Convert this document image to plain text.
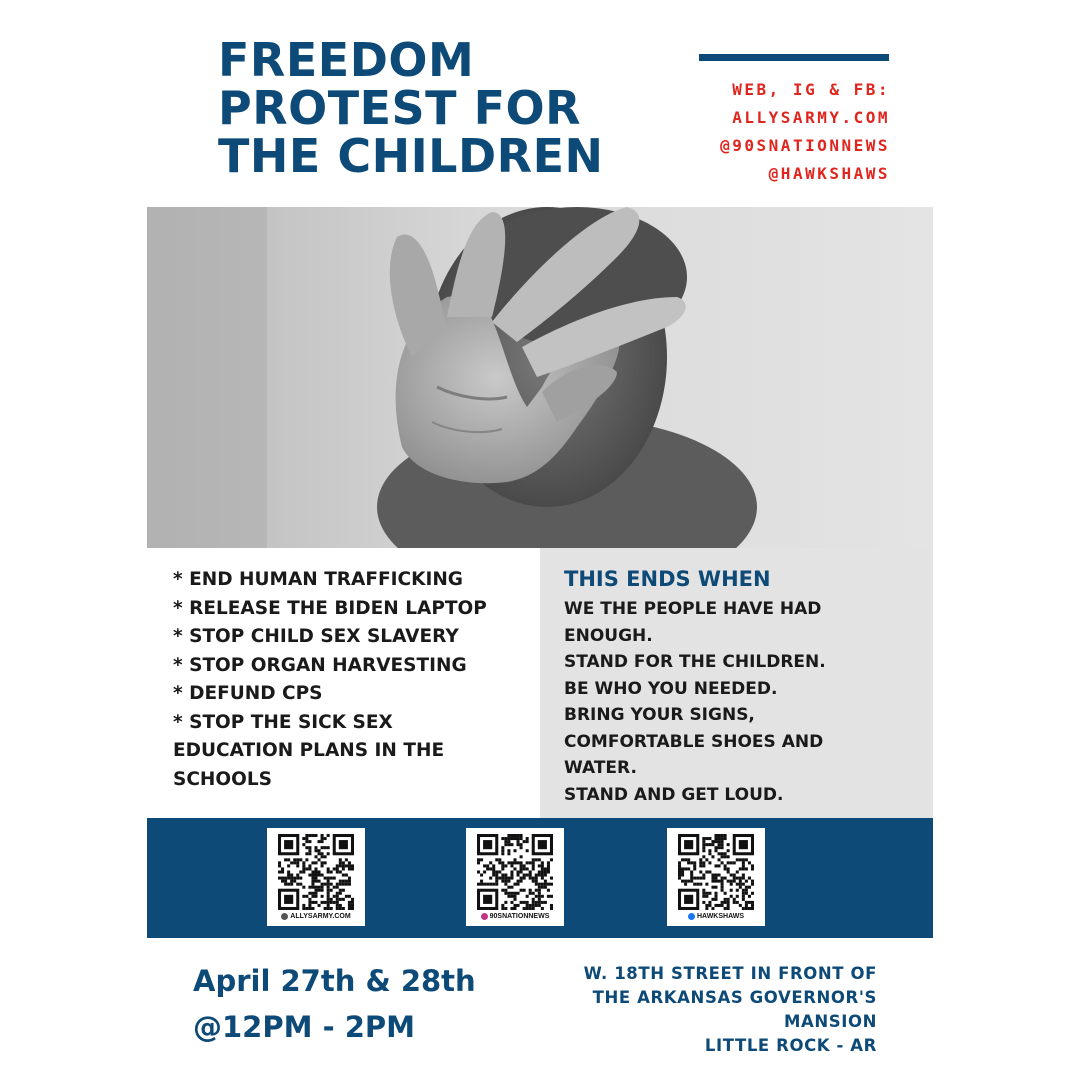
FREEDOM
PROTEST FOR
THE CHILDREN
WEB, IG & FB:
ALLYSARMY.COM
@90SNATIONNEWS
@HAWKSHAWS
* END HUMAN TRAFFICKING
* RELEASE THE BIDEN LAPTOP
* STOP CHILD SEX SLAVERY
* STOP ORGAN HARVESTING
* DEFUND CPS
* STOP THE SICK SEX
EDUCATION PLANS IN THE
SCHOOLS
THIS ENDS WHEN
WE THE PEOPLE HAVE HAD
ENOUGH.
STAND FOR THE CHILDREN.
BE WHO YOU NEEDED.
BRING YOUR SIGNS,
COMFORTABLE SHOES AND
WATER.
STAND AND GET LOUD.
ALLYSARMY.COM	90SNATIONNEWS	HAWKSHAWS
April 27th & 28th
@12PM - 2PM
W. 18TH STREET IN FRONT OF
THE ARKANSAS GOVERNOR'S
MANSION
LITTLE ROCK - AR
